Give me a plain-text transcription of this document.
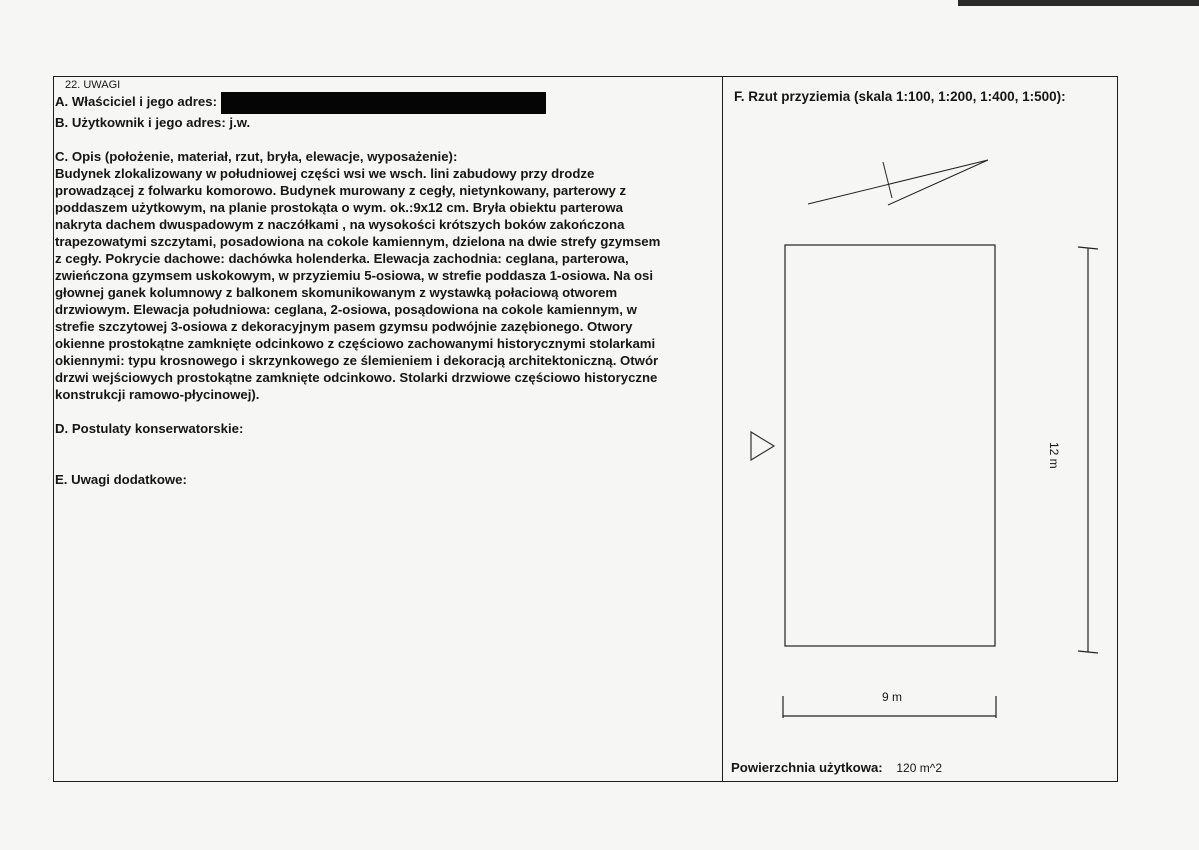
22. UWAGI
A. Właściciel i jego adres:
B. Użytkownik i jego adres: j.w.
C. Opis (położenie, materiał, rzut, bryła, elewacje, wyposażenie):
Budynek zlokalizowany w południowej części wsi we wsch. lini zabudowy przy drodze
prowadzącej z folwarku komorowo. Budynek murowany z cegły, nietynkowany, parterowy z
poddaszem użytkowym, na planie prostokąta o wym. ok.:9x12 cm. Bryła obiektu parterowa
nakryta dachem dwuspadowym z naczółkami , na wysokości krótszych boków zakończona
trapezowatymi szczytami, posadowiona na cokole kamiennym, dzielona na dwie strefy gzymsem
z cegły. Pokrycie dachowe: dachówka holenderka. Elewacja zachodnia: ceglana, parterowa,
zwieńczona gzymsem uskokowym, w przyziemiu 5-osiowa, w strefie poddasza 1-osiowa. Na osi
głownej ganek kolumnowy z balkonem skomunikowanym z wystawką połaciową otworem
drzwiowym. Elewacja południowa: ceglana, 2-osiowa, posądowiona na cokole kamiennym, w
strefie szczytowej 3-osiowa z dekoracyjnym pasem gzymsu podwójnie zazębionego. Otwory
okienne prostokątne zamknięte odcinkowo z częściowo zachowanymi historycznymi stolarkami
okiennymi: typu krosnowego i skrzynkowego ze ślemieniem i dekoracją architektoniczną. Otwór
drzwi wejściowych prostokątne zamknięte odcinkowo. Stolarki drzwiowe częściowo historyczne
konstrukcji ramowo-płycinowej).
D. Postulaty konserwatorskie:
E. Uwagi dodatkowe:
F. Rzut przyziemia (skala 1:100, 1:200, 1:400, 1:500):
9 m
12 m
Powierzchnia użytkowa: 120 m^2
